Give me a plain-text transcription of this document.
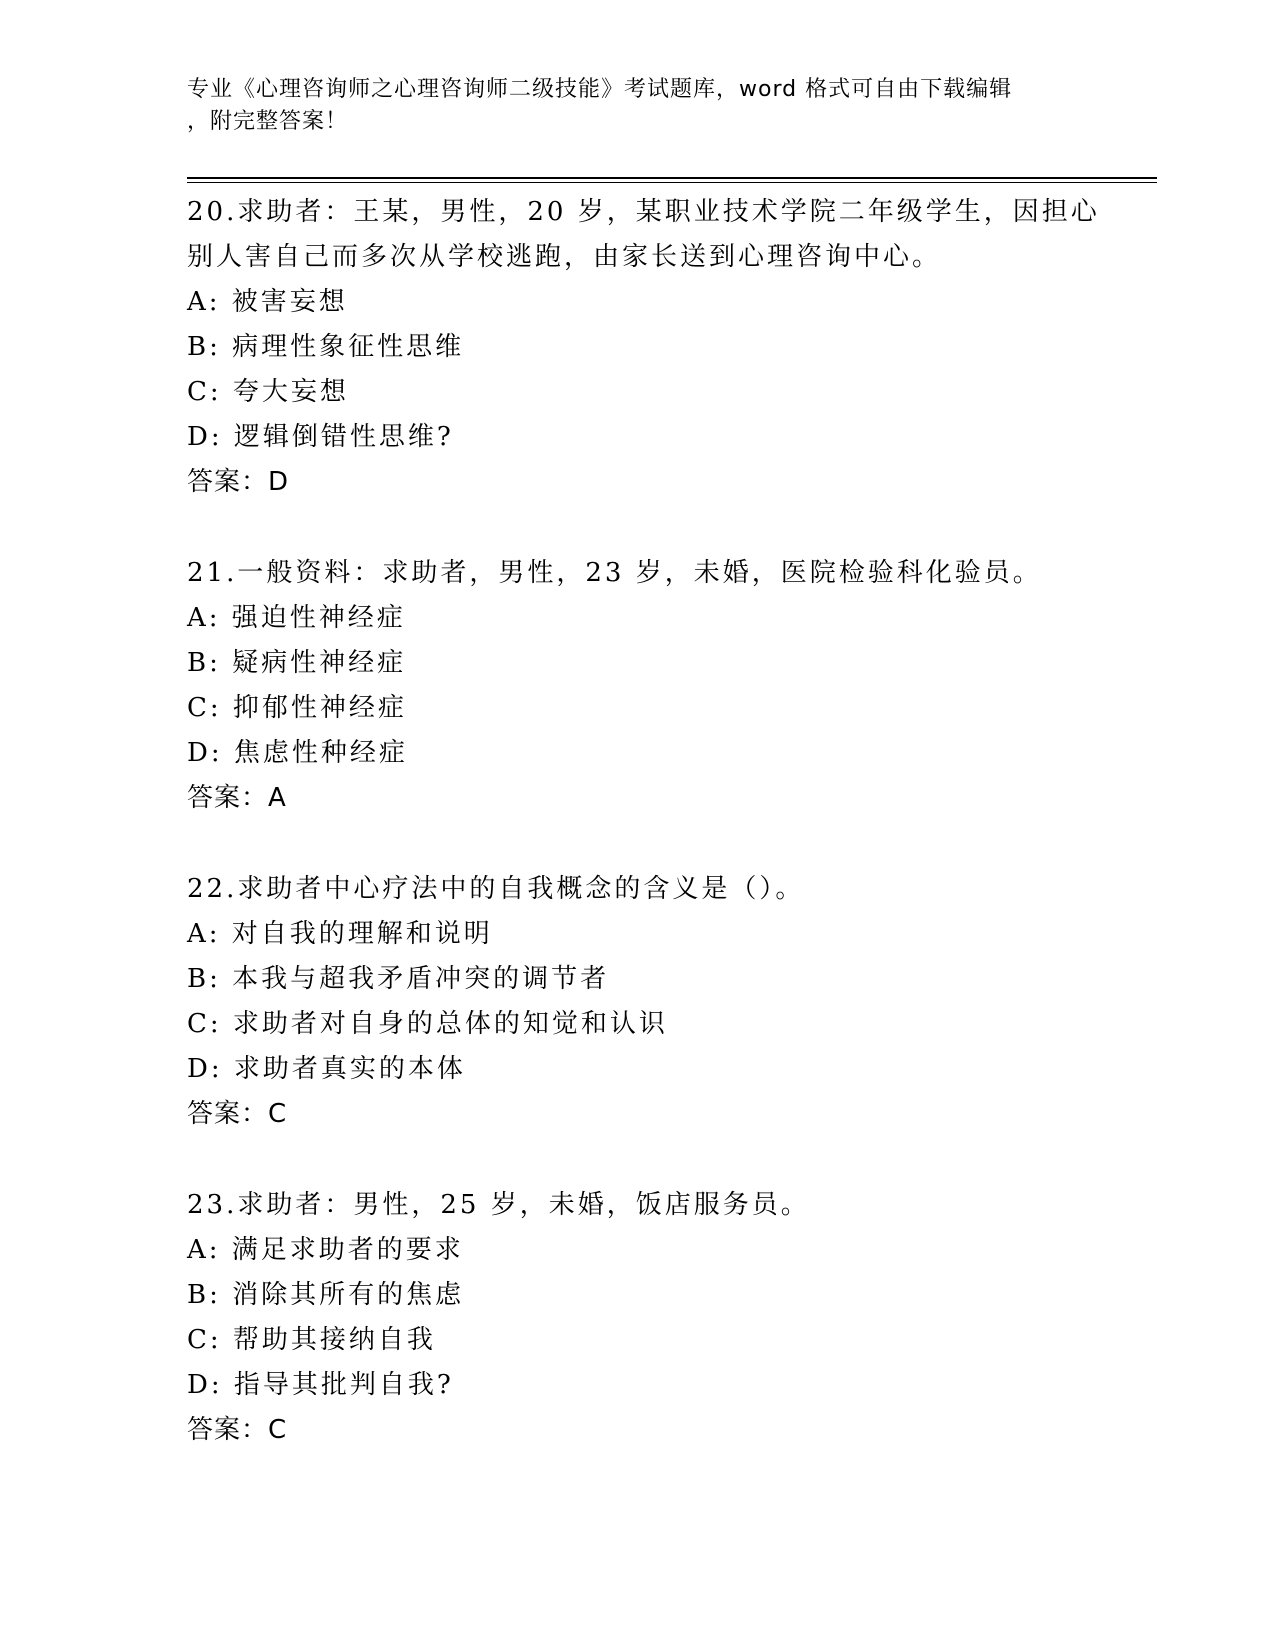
专业《心理咨询师之心理咨询师二级技能》考试题库，word 格式可自由下载编辑
，附完整答案！
20.求助者：王某，男性，20 岁，某职业技术学院二年级学生，因担心
别人害自己而多次从学校逃跑，由家长送到心理咨询中心。
A: 被害妄想
B: 病理性象征性思维
C: 夸大妄想
D: 逻辑倒错性思维?
答案：D
21.一般资料：求助者，男性，23 岁，未婚，医院检验科化验员。
A: 强迫性神经症
B: 疑病性神经症
C: 抑郁性神经症
D: 焦虑性种经症
答案：A
22.求助者中心疗法中的自我概念的含义是（）。
A: 对自我的理解和说明
B: 本我与超我矛盾冲突的调节者
C: 求助者对自身的总体的知觉和认识
D: 求助者真实的本体
答案：C
23.求助者：男性，25 岁，未婚，饭店服务员。
A: 满足求助者的要求
B: 消除其所有的焦虑
C: 帮助其接纳自我
D: 指导其批判自我?
答案：C
